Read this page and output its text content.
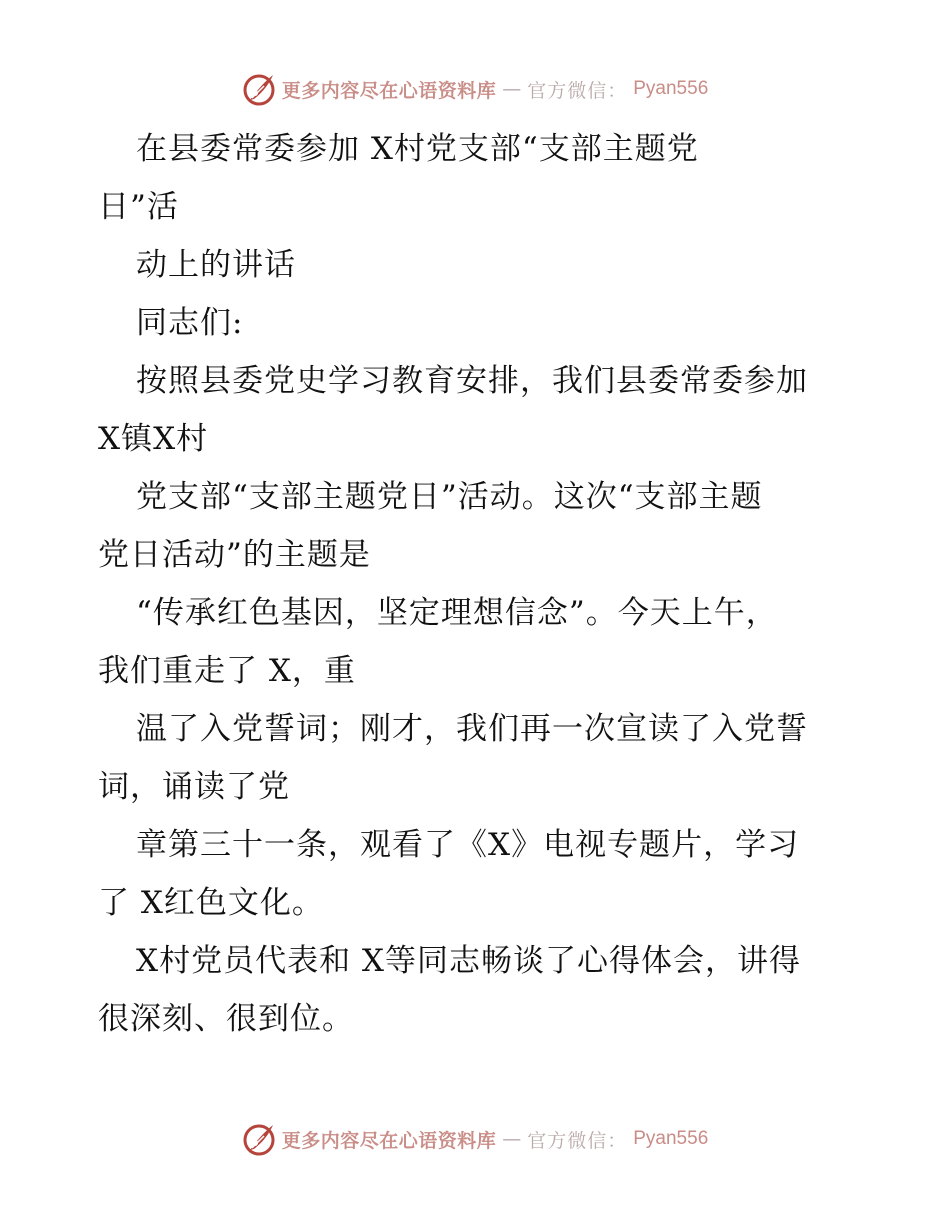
更多内容尽在心语资料库 — 官方微信： Pyan556
在县委常委参加 X村党支部“支部主题党
日”活
动上的讲话
同志们:
按照县委党史学习教育安排，我们县委常委参加
X镇X村
党支部“支部主题党日”活动。这次“支部主题
党日活动”的主题是
“传承红色基因，坚定理想信念”。今天上午，
我们重走了 X，重
温了入党誓词；刚才，我们再一次宣读了入党誓
词，诵读了党
章第三十一条，观看了《X》电视专题片，学习
了 X红色文化。
X村党员代表和 X等同志畅谈了心得体会，讲得
很深刻、很到位。
更多内容尽在心语资料库 — 官方微信： Pyan556
